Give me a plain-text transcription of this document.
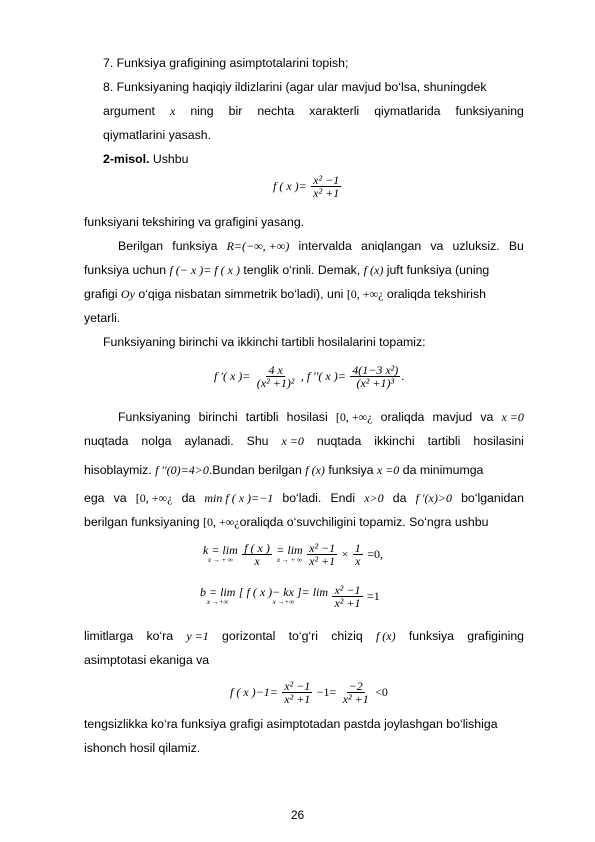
7. Funksiya grafigining asimptotalarini topish;
8. Funksiyaning haqiqiy ildizlarini (agar ular mavjud bo‘lsa, shuningdek
argument x ning bir nechta xarakterli qiymatlarida funksiyaning
qiymatlarini yasash.
2-misol. Ushbu
f ( x )= $\frac{\text{x² −1}}{\text{x² +1}}$
funksiyani tekshiring va grafigini yasang.
Berilgan funksiya R=(−∞, +∞) intervalda aniqlangan va uzluksiz. Bu
funksiya uchun f (− x )= f ( x ) tenglik o‘rinli. Demak, f (x) juft funksiya (uning
grafigi Oy o‘qiga nisbatan simmetrik bo‘ladi), uni [0, +∞¿ oraliqda tekshirish
yetarli.
Funksiyaning birinchi va ikkinchi tartibli hosilalarini topamiz:
f ′( x )= $\frac{4 x}{\text{(x² +1)²}}$ , f ′′( x )= $\frac{\text{4(1−3 x²)}}{\text{(x² +1)³}}$ .
Funksiyaning birinchi tartibli hosilasi [0, +∞¿ oraliqda mavjud va x =0
nuqtada nolga aylanadi. Shu x =0 nuqtada ikkinchi tartibli hosilasini
hisoblaymiz. f ′′(0)=4>0.Bundan berilgan f (x) funksiya x =0 da minimumga
ega va [0, +∞¿ da min f ( x )=−1 bo‘ladi. Endi x>0 da f ′(x)>0 bo‘lganidan
berilgan funksiyaning [0, +∞¿oraliqda o‘suvchiligini topamiz. So‘ngra ushbu
k = lim
x → + ∞
$\frac{f ( x )}{x}$
= lim
x → + ∞
$\frac{\text{x² −1}}{\text{x² +1}} \times \frac{1}{x} =0$,
b = lim
x →+∞

[ f ( x )− kx ]= lim
x →+∞
	$\frac{\text{x² −1}}{\text{x² +1}} =1$
limitlarga ko‘ra y =1 gorizontal to‘g‘ri chiziq f (x) funksiya grafigining
asimptotasi ekaniga va
f ( x )$-1= \frac{\text{x² −1}}{\text{x² +1}} -1= \frac{-2}{\text{x² +1}} <0$
tengsizlikka ko‘ra funksiya grafigi asimptotadan pastda joylashgan bo‘lishiga
ishonch hosil qilamiz.
26
